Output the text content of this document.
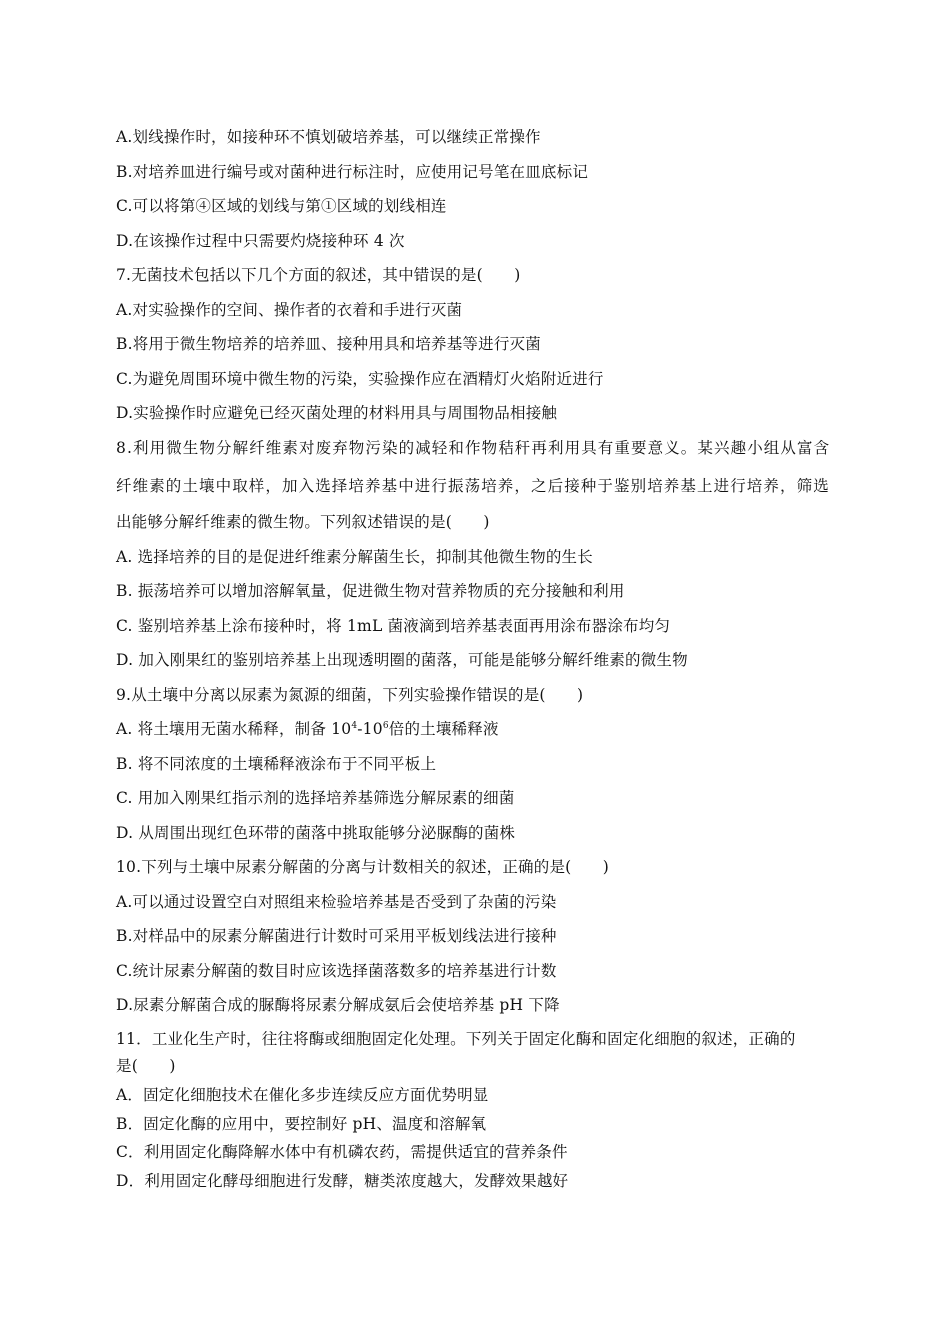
A.划线操作时，如接种环不慎划破培养基，可以继续正常操作

B.对培养皿进行编号或对菌种进行标注时，应使用记号笔在皿底标记

C.可以将第④区域的划线与第①区域的划线相连

D.在该操作过程中只需要灼烧接种环 4 次

7.无菌技术包括以下几个方面的叙述，其中错误的是(　　)

A.对实验操作的空间、操作者的衣着和手进行灭菌

B.将用于微生物培养的培养皿、接种用具和培养基等进行灭菌

C.为避免周围环境中微生物的污染，实验操作应在酒精灯火焰附近进行

D.实验操作时应避免已经灭菌处理的材料用具与周围物品相接触

8.利用微生物分解纤维素对废弃物污染的减轻和作物秸秆再利用具有重要意义。某兴趣小组从富含

纤维素的土壤中取样，加入选择培养基中进行振荡培养，之后接种于鉴别培养基上进行培养，筛选

出能够分解纤维素的微生物。下列叙述错误的是(　　)

A. 选择培养的目的是促进纤维素分解菌生长，抑制其他微生物的生长

B. 振荡培养可以增加溶解氧量，促进微生物对营养物质的充分接触和利用

C. 鉴别培养基上涂布接种时，将 1mL 菌液滴到培养基表面再用涂布器涂布均匀

D. 加入刚果红的鉴别培养基上出现透明圈的菌落，可能是能够分解纤维素的微生物

9.从土壤中分离以尿素为氮源的细菌，下列实验操作错误的是(　　)

A. 将土壤用无菌水稀释，制备 $10^4-10^6$倍的土壤稀释液

B. 将不同浓度的土壤稀释液涂布于不同平板上

C. 用加入刚果红指示剂的选择培养基筛选分解尿素的细菌

D. 从周围出现红色环带的菌落中挑取能够分泌脲酶的菌株

10.下列与土壤中尿素分解菌的分离与计数相关的叙述，正确的是(　　)

A.可以通过设置空白对照组来检验培养基是否受到了杂菌的污染

B.对样品中的尿素分解菌进行计数时可采用平板划线法进行接种

C.统计尿素分解菌的数目时应该选择菌落数多的培养基进行计数

D.尿素分解菌合成的脲酶将尿素分解成氨后会使培养基 pH 下降

11．工业化生产时，往往将酶或细胞固定化处理。下列关于固定化酶和固定化细胞的叙述，正确的

是(　　)

A．固定化细胞技术在催化多步连续反应方面优势明显

B．固定化酶的应用中，要控制好 pH、温度和溶解氧

C．利用固定化酶降解水体中有机磷农药，需提供适宜的营养条件

D．利用固定化酵母细胞进行发酵，糖类浓度越大，发酵效果越好
